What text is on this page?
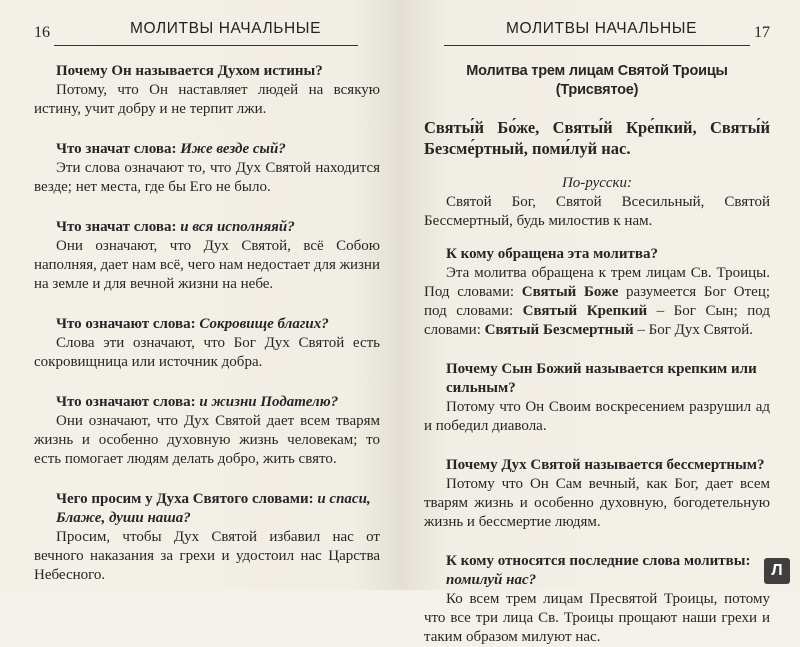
16	МОЛИТВЫ НАЧАЛЬНЫЕ

Почему Он называется Духом истины?

Потому, что Он наставляет людей на всякую истину, учит добру и не терпит лжи.

Что значат слова: Иже везде сый?

Эти слова означают то, что Дух Святой находится везде; нет места, где бы Его не было.

Что значат слова: и вся исполняяй?

Они означают, что Дух Святой, всё Собою наполняя, дает нам всё, чего нам недостает для жизни на земле и для вечной жизни на небе.

Что означают слова: Сокровище благих?

Слова эти означают, что Бог Дух Святой есть сокровищница или источник добра.

Что означают слова: и жизни Подателю?

Они означают, что Дух Святой дает всем тварям жизнь и особенно духовную жизнь человекам; то есть помогает людям делать добро, жить свято.

Чего просим у Духа Святого словами: и спаси, Блаже, души наша?

Просим, чтобы Дух Святой избавил нас от вечного наказания за грехи и удостоил нас Царства Небесного.

МОЛИТВЫ НАЧАЛЬНЫЕ	17

Молитва трем лицам Святой Троицы (Трисвятое)

Святы́й Бо́же, Святы́й Кре́пкий, Святы́й Безсме́ртный, поми́луй нас.

По-русски:

Святой Бог, Святой Всесильный, Святой Бессмертный, будь милостив к нам.

К кому обращена эта молитва?

Эта молитва обращена к трем лицам Св. Троицы. Под словами: Святый Боже разумеется Бог Отец; под словами: Святый Крепкий – Бог Сын; под словами: Святый Безсмертный – Бог Дух Святой.

Почему Сын Божий называется крепким или сильным?

Потому что Он Своим воскресением разрушил ад и победил диавола.

Почему Дух Святой называется бессмертным?

Потому что Он Сам вечный, как Бог, дает всем тварям жизнь и особенно духовную, богодетельную жизнь и бессмертие людям.

К кому относятся последние слова молитвы: помилуй нас?

Ко всем трем лицам Пресвятой Троицы, потому что все три лица Св. Троицы прощают наши грехи и таким образом милуют нас.

Л
